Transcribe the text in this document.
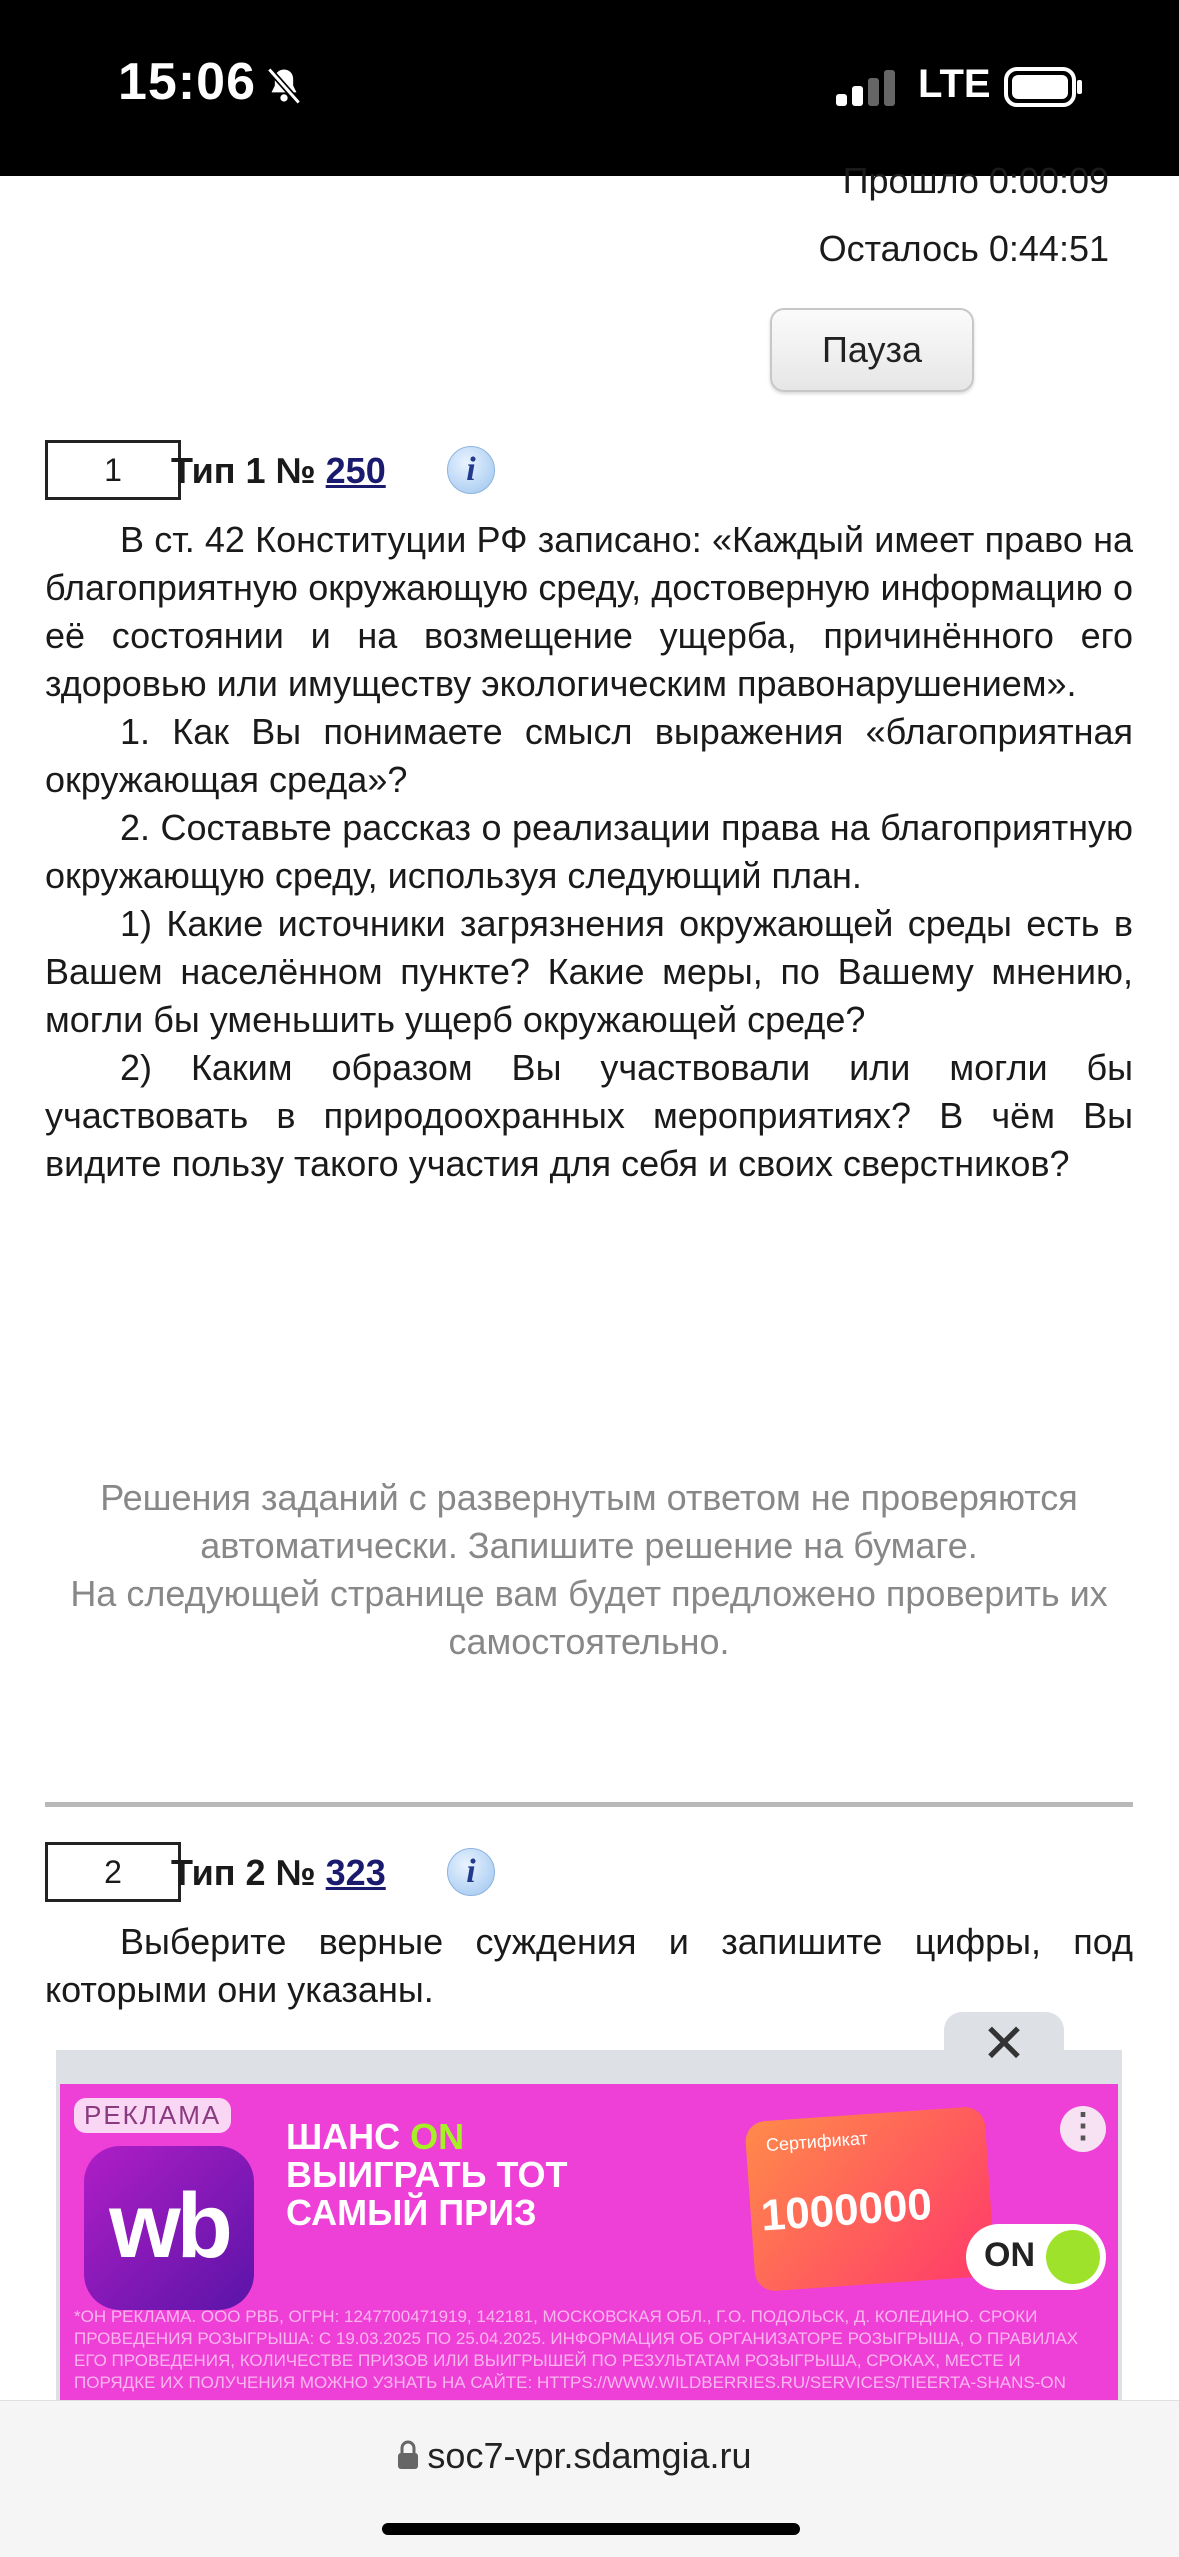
15:06	LTE
Прошло 0:00:09
Осталось 0:44:51
Пауза
1	Тип 1 № 250	i

В ст. 42 Конституции РФ записано: «Каждый имеет право на благоприятную окружающую среду, достоверную информацию о её состоянии и на возмещение ущерба, причинённого его здоровью или имуществу экологическим правонарушением».

1. Как Вы понимаете смысл выражения «благоприятная окружающая среда»?

2. Составьте рассказ о реализации права на благоприятную окружающую среду, используя следующий план.

1) Какие источники загрязнения окружающей среды есть в Вашем населённом пункте? Какие меры, по Вашему мнению, могли бы уменьшить ущерб окружающей среде?

2) Каким образом Вы участвовали или могли бы участвовать в природоохранных мероприятиях? В чём Вы видите пользу такого участия для себя и своих сверстников?

Решения заданий с развернутым ответом не проверяются автоматически. Запишите решение на бумаге.
На следующей странице вам будет предложено проверить их самостоятельно.
2	Тип 2 № 323	i

Выберите верные суждения и запишите цифры, под которыми они указаны.

✕
РЕКЛАМА
wb
ШАНС ON ВЫИГРАТЬ ТОТ САМЫЙ ПРИЗ
Сертификат
1000000
ON
⋮
*ОН РЕКЛАМА. ООО РВБ, ОГРН: 1247700471919, 142181, МОСКОВСКАЯ ОБЛ., Г.О. ПОДОЛЬСК, Д. КОЛЕДИНО. СРОКИ ПРОВЕДЕНИЯ РОЗЫГРЫША: С 19.03.2025 ПО 25.04.2025. ИНФОРМАЦИЯ ОБ ОРГАНИЗАТОРЕ РОЗЫГРЫША, О ПРАВИЛАХ ЕГО ПРОВЕДЕНИЯ, КОЛИЧЕСТВЕ ПРИЗОВ ИЛИ ВЫИГРЫШЕЙ ПО РЕЗУЛЬТАТАМ РОЗЫГРЫША, СРОКАХ, МЕСТЕ И ПОРЯДКЕ ИХ ПОЛУЧЕНИЯ МОЖНО УЗНАТЬ НА САЙТЕ: HTTPS://WWW.WILDBERRIES.RU/SERVICES/TIEERTA-SHANS-ON
soc7-vpr.sdamgia.ru
